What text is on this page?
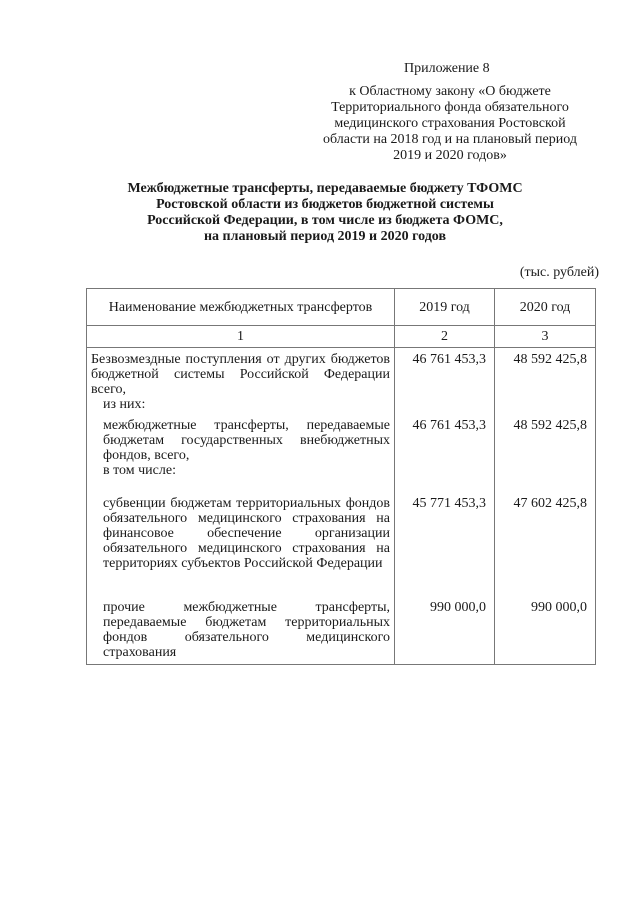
Приложение 8
к Областному закону «О бюджете
Территориального фонда обязательного
медицинского страхования Ростовской
области на 2018 год и на плановый период
2019 и 2020 годов»
Межбюджетные трансферты, передаваемые бюджету ТФОМС
Ростовской области из бюджетов бюджетной системы
Российской Федерации, в том числе из бюджета ФОМС,
на плановый период 2019 и 2020 годов
(тыс. рублей)
Наименование межбюджетных трансфертов	2019 год	2020 год
1	2	3

Безвозмездные поступления от других бюджетов бюджетной системы Российской Федерации всего,
из них:	46 761 453,3	48 592 425,8

межбюджетные трансферты, передаваемые бюджетам государственных внебюджетных фондов, всего,
в том числе:	46 761 453,3	48 592 425,8

субвенции бюджетам территориальных фондов обязательного медицинского страхования на финансовое обеспечение организации обязательного медицинского страхования на территориях субъектов Российской Федерации	45 771 453,3	47 602 425,8

прочие межбюджетные трансферты, передаваемые бюджетам территориальных фондов обязательного медицинского страхования	990 000,0	990 000,0
